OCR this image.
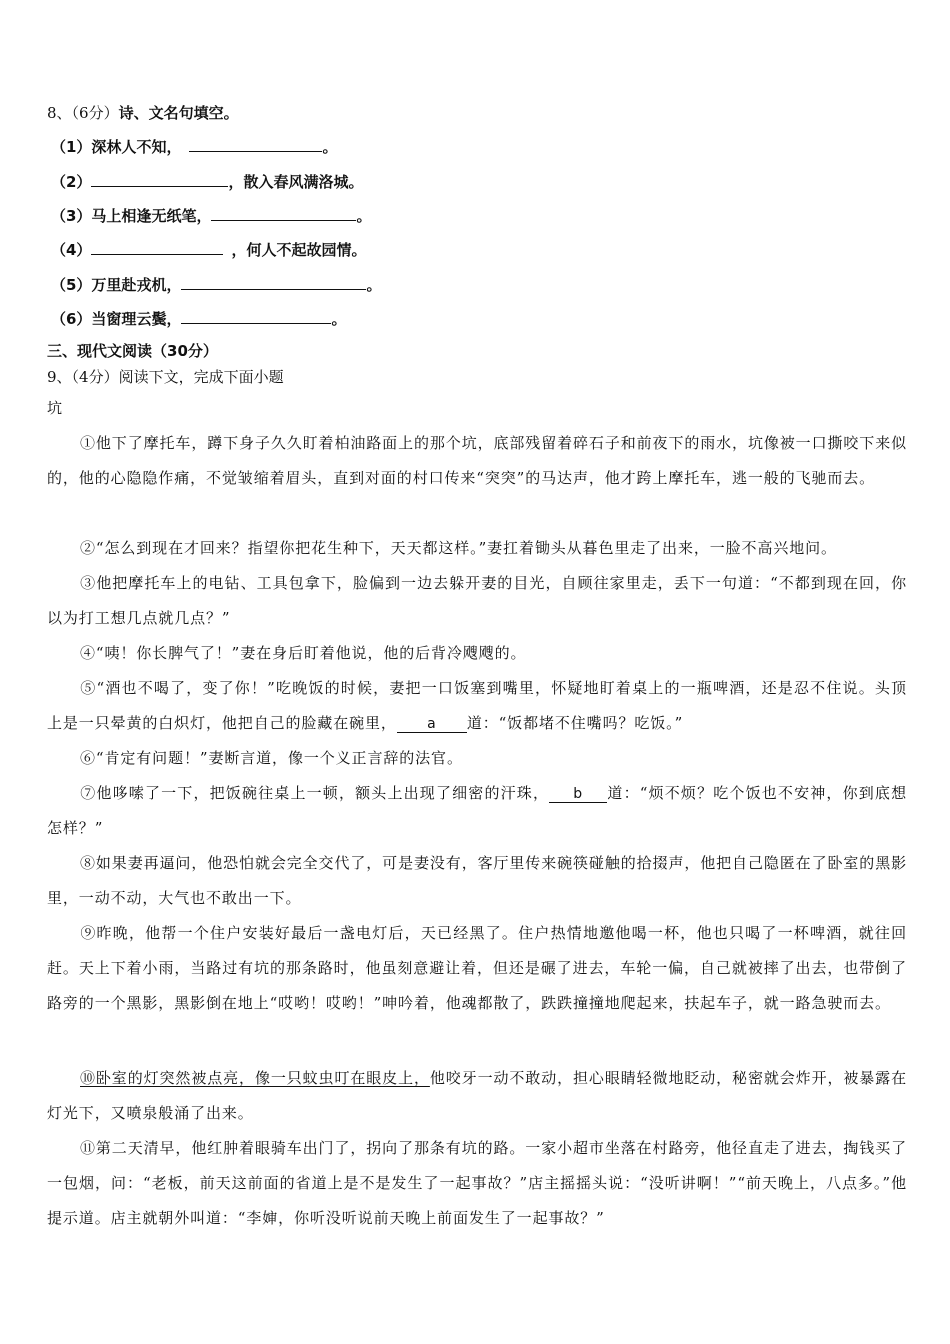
8、（6分）诗、文名句填空。
（1）深林人不知，	。
（2）	，散入春风满洛城。
（3）马上相逢无纸笔，	。
（4）	，何人不起故园情。
（5）万里赴戎机，	。
（6）当窗理云鬓，	。
三、现代文阅读（30分）
9、（4分）阅读下文，完成下面小题
坑
①他下了摩托车，蹲下身子久久盯着柏油路面上的那个坑，底部残留着碎石子和前夜下的雨水，坑像被一口撕咬下来似的，他的心隐隐作痛，不觉皱缩着眉头，直到对面的村口传来“突突”的马达声，他才跨上摩托车，逃一般的飞驰而去。
②“怎么到现在才回来？指望你把花生种下，天天都这样。”妻扛着锄头从暮色里走了出来，一脸不高兴地问。
③他把摩托车上的电钻、工具包拿下，脸偏到一边去躲开妻的目光，自顾往家里走，丢下一句道：“不都到现在回，你以为打工想几点就几点？”
④“咦！你长脾气了！”妻在身后盯着他说，他的后背冷飕飕的。
⑤“酒也不喝了，变了你！”吃晚饭的时候，妻把一口饭塞到嘴里，怀疑地盯着桌上的一瓶啤酒，还是忍不住说。头顶上是一只晕黄的白炽灯，他把自己的脸藏在碗里， a 道：“饭都堵不住嘴吗？吃饭。”
⑥“肯定有问题！”妻断言道，像一个义正言辞的法官。
⑦他哆嗦了一下，把饭碗往桌上一顿，额头上出现了细密的汗珠， b 道：“烦不烦？吃个饭也不安神，你到底想怎样？”
⑧如果妻再逼问，他恐怕就会完全交代了，可是妻没有，客厅里传来碗筷碰触的拾掇声，他把自己隐匿在了卧室的黑影里，一动不动，大气也不敢出一下。
⑨昨晚，他帮一个住户安装好最后一盏电灯后，天已经黑了。住户热情地邀他喝一杯，他也只喝了一杯啤酒，就往回赶。天上下着小雨，当路过有坑的那条路时，他虽刻意避让着，但还是碾了进去，车轮一偏，自己就被摔了出去，也带倒了路旁的一个黑影，黑影倒在地上“哎哟！哎哟！”呻吟着，他魂都散了，跌跌撞撞地爬起来，扶起车子，就一路急驶而去。
⑩卧室的灯突然被点亮，像一只蚊虫叮在眼皮上，他咬牙一动不敢动，担心眼睛轻微地眨动，秘密就会炸开，被暴露在灯光下，又喷泉般涌了出来。
⑪第二天清早，他红肿着眼骑车出门了，拐向了那条有坑的路。一家小超市坐落在村路旁，他径直走了进去，掏钱买了一包烟，问：“老板，前天这前面的省道上是不是发生了一起事故？”店主摇摇头说：“没听讲啊！”“前天晚上，八点多。”他提示道。店主就朝外叫道：“李婶，你听没听说前天晚上前面发生了一起事故？”
